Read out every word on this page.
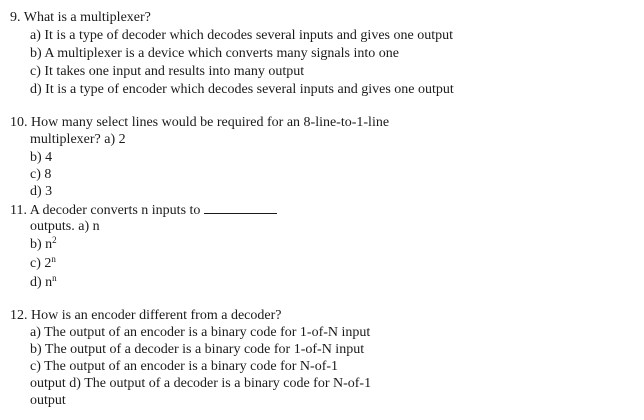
9. What is a multiplexer?
a) It is a type of decoder which decodes several inputs and gives one output
b) A multiplexer is a device which converts many signals into one
c) It takes one input and results into many output
d) It is a type of encoder which decodes several inputs and gives one output
10. How many select lines would be required for an 8-line-to-1-line
multiplexer? a) 2
b) 4
c) 8
d) 3
11. A decoder converts n inputs to
outputs. a) n
b) $n^2$
c) 2$^n$
d) $n^n$
12. How is an encoder different from a decoder?
a) The output of an encoder is a binary code for 1-of-N input
b) The output of a decoder is a binary code for 1-of-N input
c) The output of an encoder is a binary code for N-of-1
output d) The output of a decoder is a binary code for N-of-1
output
